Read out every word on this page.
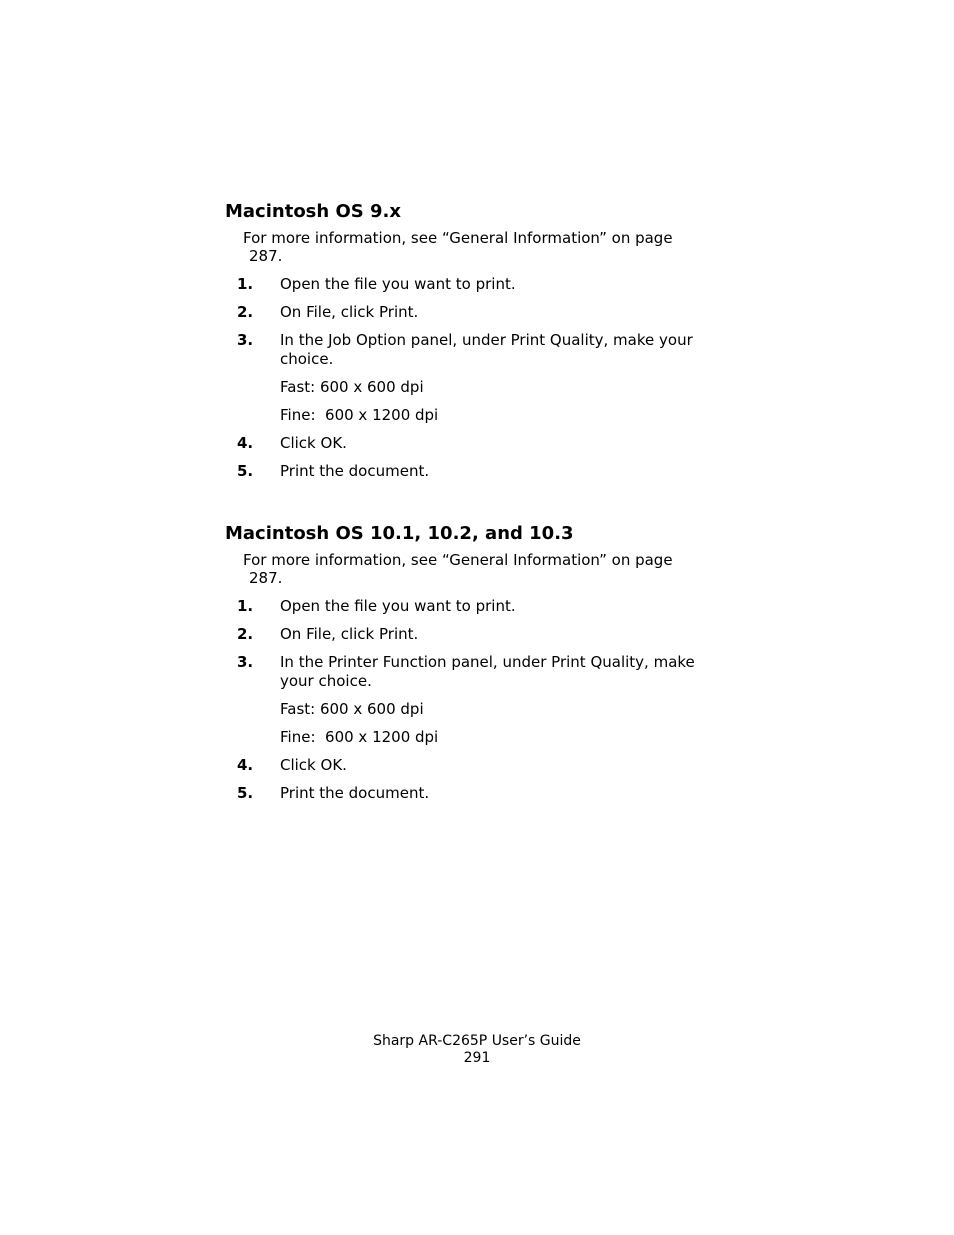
Macintosh OS 9.x

For more information, see “General Information” on page
287.

1. Open the file you want to print.
2. On File, click Print.
3. In the Job Option panel, under Print Quality, make your choice.
Fast: 600 x 600 dpi
Fine:  600 x 1200 dpi
4. Click OK.
5. Print the document.
Macintosh OS 10.1, 10.2, and 10.3

For more information, see “General Information” on page
287.

1. Open the file you want to print.
2. On File, click Print.
3. In the Printer Function panel, under Print Quality, make your choice.
Fast: 600 x 600 dpi
Fine:  600 x 1200 dpi
4. Click OK.
5. Print the document.
Sharp AR-C265P User’s Guide
291
